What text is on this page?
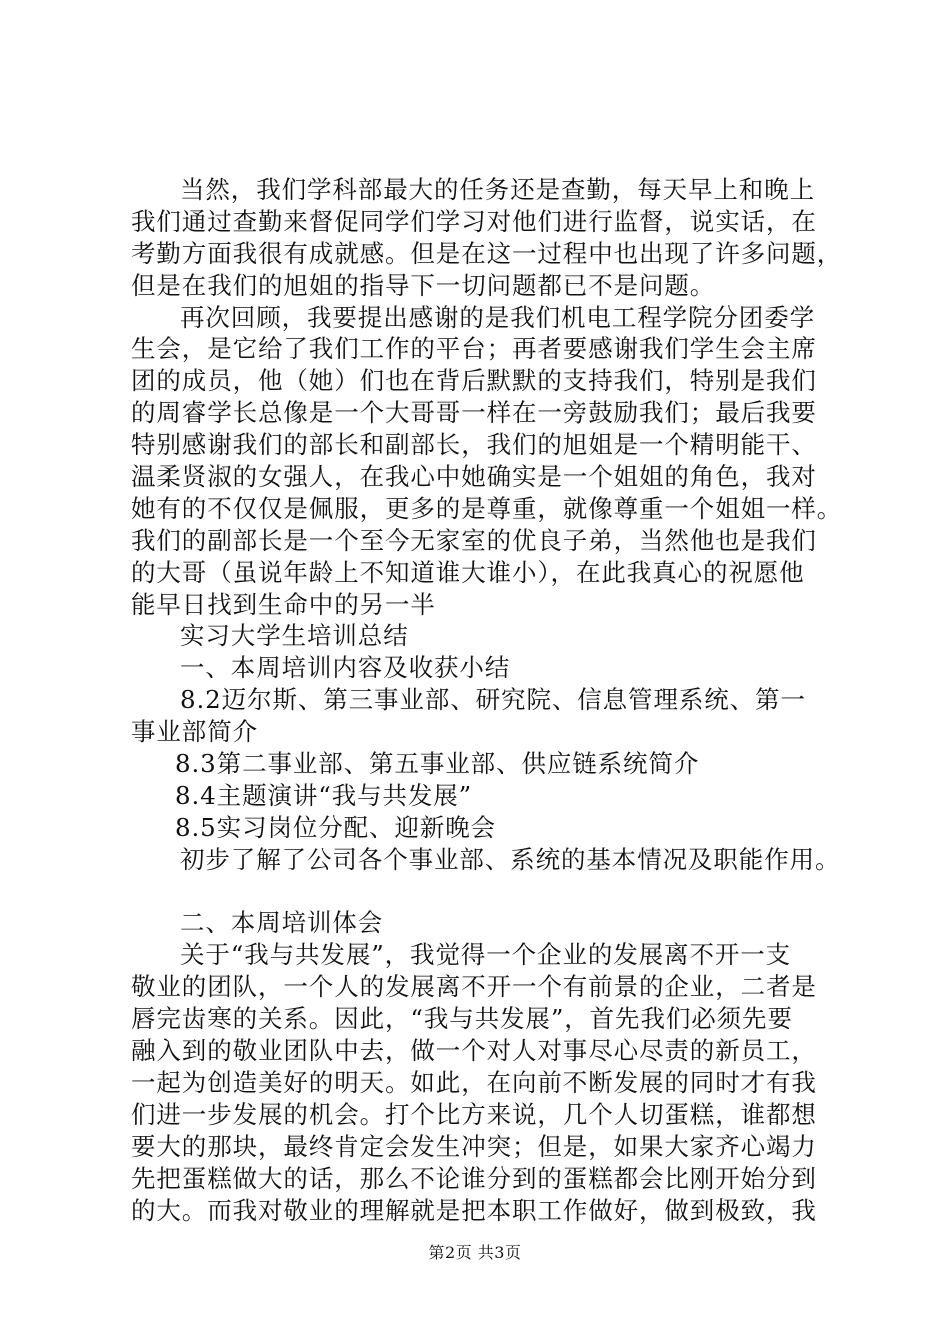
当然，我们学科部最大的任务还是查勤，每天早上和晚上
我们通过查勤来督促同学们学习对他们进行监督，说实话，在
考勤方面我很有成就感。但是在这一过程中也出现了许多问题，
但是在我们的旭姐的指导下一切问题都已不是问题。
再次回顾，我要提出感谢的是我们机电工程学院分团委学
生会，是它给了我们工作的平台；再者要感谢我们学生会主席
团的成员，他（她）们也在背后默默的支持我们，特别是我们
的周睿学长总像是一个大哥哥一样在一旁鼓励我们；最后我要
特别感谢我们的部长和副部长，我们的旭姐是一个精明能干、
温柔贤淑的女强人，在我心中她确实是一个姐姐的角色，我对
她有的不仅仅是佩服，更多的是尊重，就像尊重一个姐姐一样。
我们的副部长是一个至今无家室的优良子弟，当然他也是我们
的大哥（虽说年龄上不知道谁大谁小），在此我真心的祝愿他
能早日找到生命中的另一半
实习大学生培训总结
一、本周培训内容及收获小结
8.2迈尔斯、第三事业部、研究院、信息管理系统、第一
事业部简介
8.3第二事业部、第五事业部、供应链系统简介
8.4主题演讲“我与共发展”
8.5实习岗位分配、迎新晚会
初步了解了公司各个事业部、系统的基本情况及职能作用。
二、本周培训体会
关于“我与共发展”，我觉得一个企业的发展离不开一支
敬业的团队，一个人的发展离不开一个有前景的企业，二者是
唇完齿寒的关系。因此，“我与共发展”，首先我们必须先要
融入到的敬业团队中去，做一个对人对事尽心尽责的新员工，
一起为创造美好的明天。如此，在向前不断发展的同时才有我
们进一步发展的机会。打个比方来说，几个人切蛋糕，谁都想
要大的那块，最终肯定会发生冲突；但是，如果大家齐心竭力
先把蛋糕做大的话，那么不论谁分到的蛋糕都会比刚开始分到
的大。而我对敬业的理解就是把本职工作做好，做到极致，我
第2页 共3页
